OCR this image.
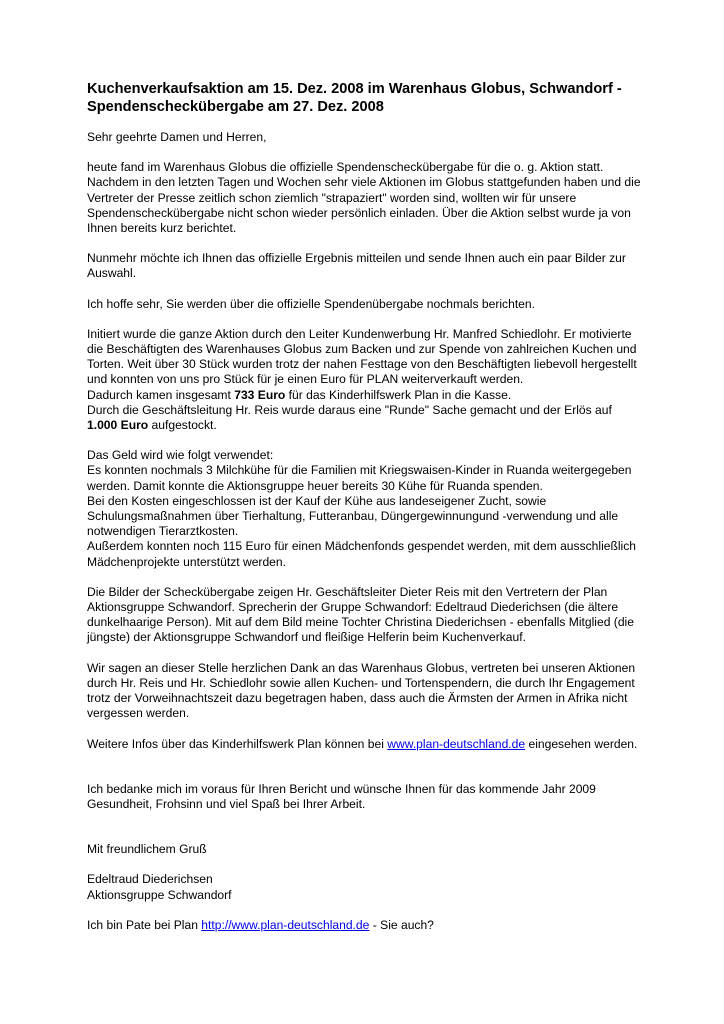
Kuchenverkaufsaktion am 15. Dez. 2008 im Warenhaus Globus, Schwandorf - Spendenscheckübergabe am 27. Dez. 2008

Sehr geehrte Damen und Herren,

heute fand im Warenhaus Globus die offizielle Spendenscheckübergabe für die o. g. Aktion statt. Nachdem in den letzten Tagen und Wochen sehr viele Aktionen im Globus stattgefunden haben und die Vertreter der Presse zeitlich schon ziemlich "strapaziert" worden sind, wollten wir für unsere Spendenscheckübergabe nicht schon wieder persönlich einladen. Über die Aktion selbst wurde ja von Ihnen bereits kurz berichtet.

Nunmehr möchte ich Ihnen das offizielle Ergebnis mitteilen und sende Ihnen auch ein paar Bilder zur Auswahl.

Ich hoffe sehr, Sie werden über die offizielle Spendenübergabe nochmals berichten.

Initiert wurde die ganze Aktion durch den Leiter Kundenwerbung Hr. Manfred Schiedlohr. Er motivierte die Beschäftigten des Warenhauses Globus zum Backen und zur Spende von zahlreichen Kuchen und Torten. Weit über 30 Stück wurden trotz der nahen Festtage von den Beschäftigten liebevoll hergestellt und konnten von uns pro Stück für je einen Euro für PLAN weiterverkauft werden.
Dadurch kamen insgesamt 733 Euro für das Kinderhilfswerk Plan in die Kasse.
Durch die Geschäftsleitung Hr. Reis wurde daraus eine "Runde" Sache gemacht und der Erlös auf
1.000 Euro aufgestockt.

Das Geld wird wie folgt verwendet:
Es konnten nochmals 3 Milchkühe für die Familien mit Kriegswaisen-Kinder in Ruanda weitergegeben werden. Damit konnte die Aktionsgruppe heuer bereits 30 Kühe für Ruanda spenden.
Bei den Kosten eingeschlossen ist der Kauf der Kühe aus landeseigener Zucht, sowie Schulungsmaßnahmen über Tierhaltung, Futteranbau, Düngergewinnungund -verwendung und alle notwendigen Tierarztkosten.
Außerdem konnten noch 115 Euro für einen Mädchenfonds gespendet werden, mit dem ausschließlich Mädchenprojekte unterstützt werden.

Die Bilder der Scheckübergabe zeigen Hr. Geschäftsleiter Dieter Reis mit den Vertretern der Plan Aktionsgruppe Schwandorf. Sprecherin der Gruppe Schwandorf: Edeltraud Diederichsen (die ältere dunkelhaarige Person). Mit auf dem Bild meine Tochter Christina Diederichsen - ebenfalls Mitglied (die jüngste) der Aktionsgruppe Schwandorf und fleißige Helferin beim Kuchenverkauf.

Wir sagen an dieser Stelle herzlichen Dank an das Warenhaus Globus, vertreten bei unseren Aktionen durch Hr. Reis und Hr. Schiedlohr sowie allen Kuchen- und Tortenspendern, die durch Ihr Engagement trotz der Vorweihnachtszeit dazu begetragen haben, dass auch die Ärmsten der Armen in Afrika nicht vergessen werden.

Weitere Infos über das Kinderhilfswerk Plan können bei www.plan-deutschland.de eingesehen werden.

Ich bedanke mich im voraus für Ihren Bericht und wünsche Ihnen für das kommende Jahr 2009 Gesundheit, Frohsinn und viel Spaß bei Ihrer Arbeit.

Mit freundlichem Gruß

Edeltraud Diederichsen
Aktionsgruppe Schwandorf

Ich bin Pate bei Plan http://www.plan-deutschland.de - Sie auch?
